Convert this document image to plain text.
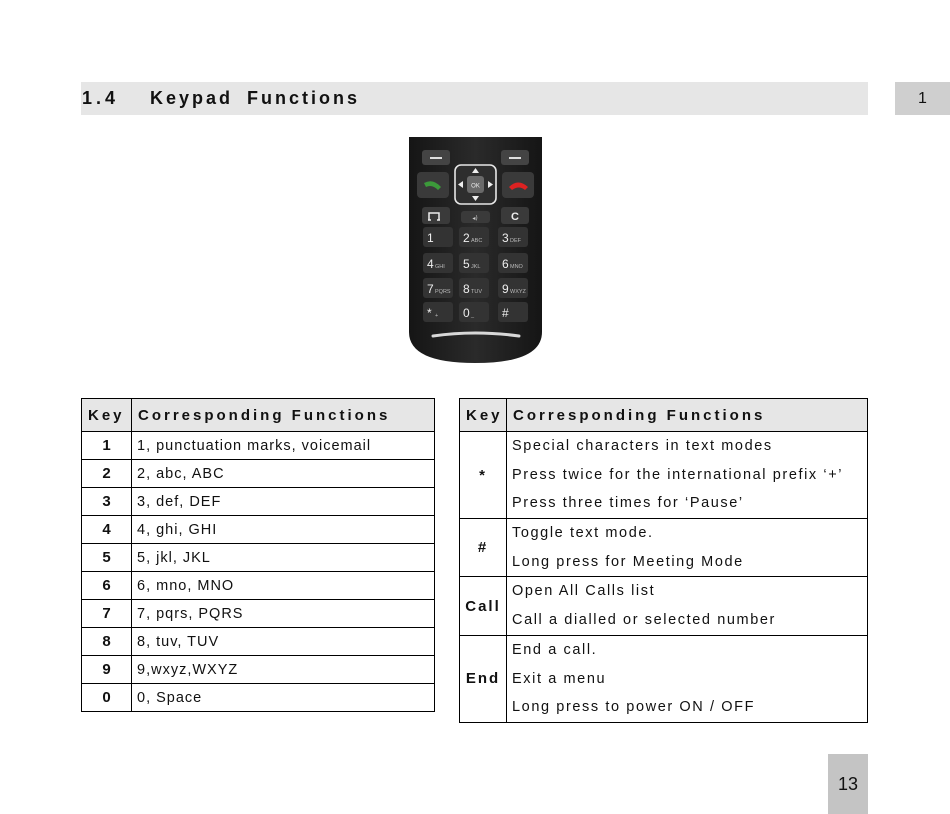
1.4 Keypad Functions	1
OK
◂)	C
1 2 ABC 3 DEF
4 GHI 5 JKL 6 MNO
7 PQRS 8 TUV 9 WXYZ
* + 0 _ #
Key	Corresponding Functions
1	1, punctuation marks, voicemail
2	2, abc, ABC
3	3, def, DEF
4	4, ghi, GHI
5	5, jkl, JKL
6	6, mno, MNO
7	7, pqrs, PQRS
8	8, tuv, TUV
9	9,wxyz,WXYZ
0	0, Space
Key	Corresponding Functions
*	Special characters in text modes
Press twice for the international prefix ‘+’
Press three times for ‘Pause’

#	Toggle text mode.
Long press for Meeting Mode

Call	Open All Calls list
Call a dialled or selected number

End	End a call.
Exit a menu
Long press to power ON / OFF
13
